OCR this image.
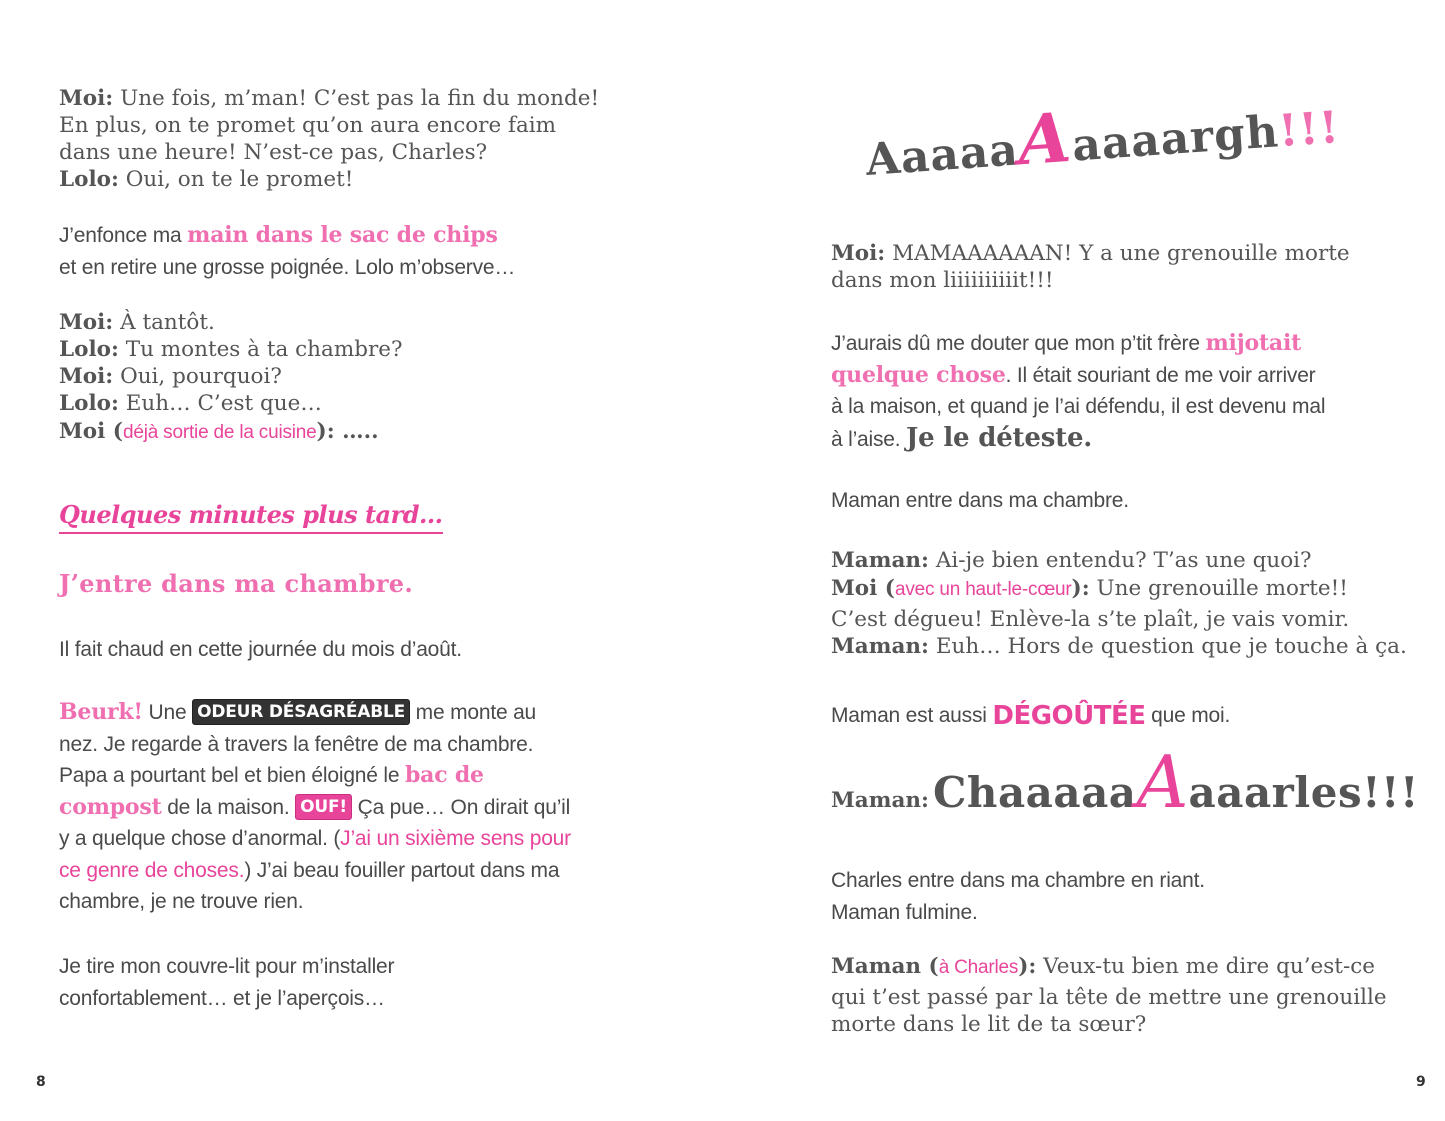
Moi: Une fois, m’man! C’est pas la fin du monde!
En plus, on te promet qu’on aura encore faim
dans une heure! N’est-ce pas, Charles?
Lolo: Oui, on te le promet!
J’enfonce ma main dans le sac de chips
et en retire une grosse poignée. Lolo m’observe…
Moi: À tantôt.
Lolo: Tu montes à ta chambre?
Moi: Oui, pourquoi?
Lolo: Euh… C’est que…
Moi (déjà sortie de la cuisine): …..
Quelques minutes plus tard…
J’entre dans ma chambre.
Il fait chaud en cette journée du mois d’août.
Beurk! Une ODEUR DÉSAGRÉABLE me monte au
nez. Je regarde à travers la fenêtre de ma chambre.
Papa a pourtant bel et bien éloigné le bac de
compost de la maison. OUF! Ça pue… On dirait qu’il
y a quelque chose d’anormal. (J’ai un sixième sens pour
ce genre de choses.) J’ai beau fouiller partout dans ma
chambre, je ne trouve rien.
Je tire mon couvre-lit pour m’installer
confortablement… et je l’aperçois…
8
AaaaaAaaaargh!!!
Moi: MAMAAAAAAN! Y a une grenouille morte
dans mon liiiiiiiiiit!!!
J’aurais dû me douter que mon p’tit frère mijotait
quelque chose. Il était souriant de me voir arriver
à la maison, et quand je l’ai défendu, il est devenu mal
à l’aise. Je le déteste.
Maman entre dans ma chambre.
Maman: Ai-je bien entendu? T’as une quoi?
Moi (avec un haut-le-cœur): Une grenouille morte!!
C’est dégueu! Enlève-la s’te plaît, je vais vomir.
Maman: Euh… Hors de question que je touche à ça.
Maman est aussi DÉGOÛTÉE que moi.
Maman: ChaaaaaAaaarles!!!
Charles entre dans ma chambre en riant.
Maman fulmine.
Maman (à Charles): Veux-tu bien me dire qu’est-ce
qui t’est passé par la tête de mettre une grenouille
morte dans le lit de ta sœur?
9
